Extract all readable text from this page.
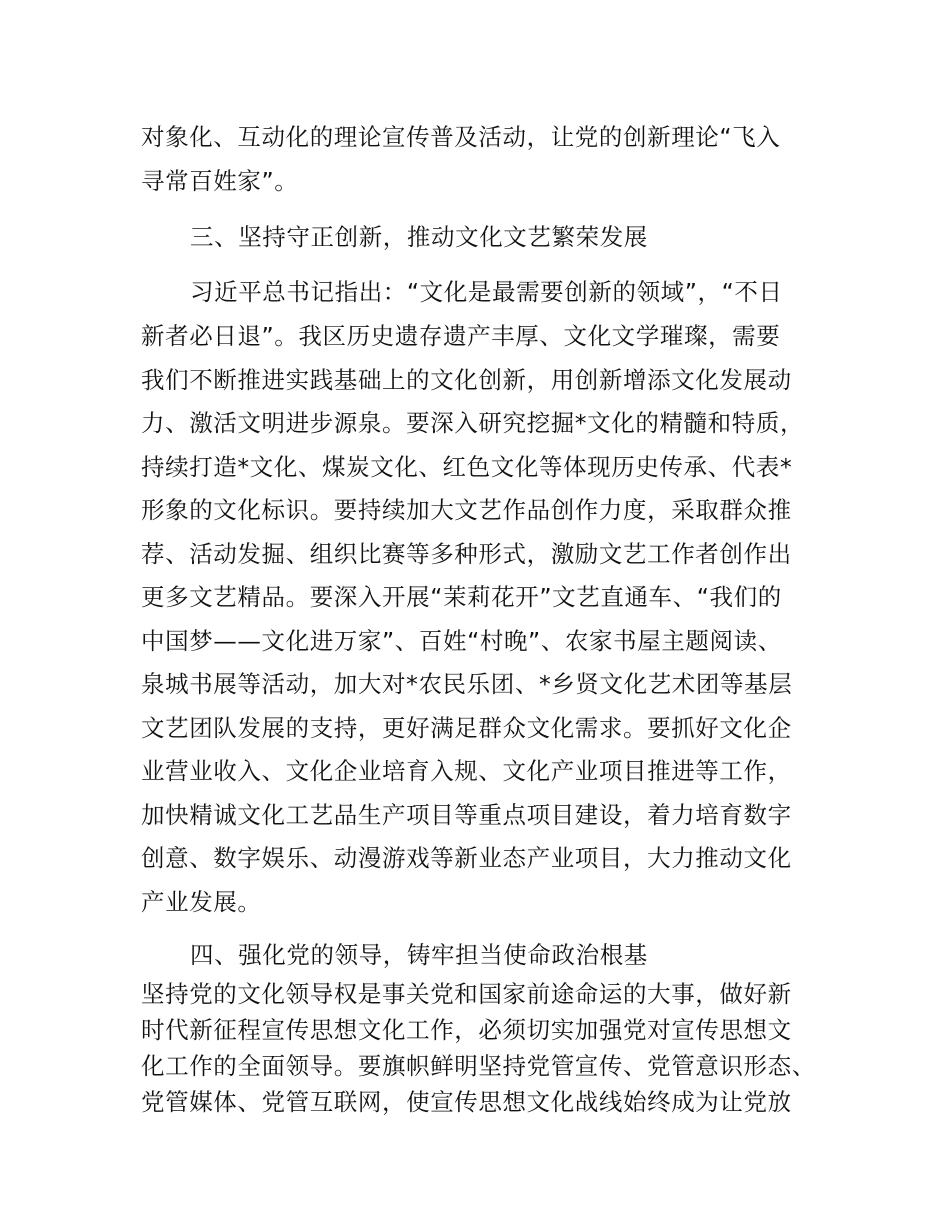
对象化、互动化的理论宣传普及活动，让党的创新理论“飞入

寻常百姓家”。

三、坚持守正创新，推动文化文艺繁荣发展

习近平总书记指出：“文化是最需要创新的领域”，“不日

新者必日退”。我区历史遗存遗产丰厚、文化文学璀璨，需要

我们不断推进实践基础上的文化创新，用创新增添文化发展动

力、激活文明进步源泉。要深入研究挖掘*文化的精髓和特质，

持续打造*文化、煤炭文化、红色文化等体现历史传承、代表*

形象的文化标识。要持续加大文艺作品创作力度，采取群众推

荐、活动发掘、组织比赛等多种形式，激励文艺工作者创作出

更多文艺精品。要深入开展“茉莉花开”文艺直通车、“我们的

中国梦——文化进万家”、百姓“村晚”、农家书屋主题阅读、

泉城书展等活动，加大对*农民乐团、*乡贤文化艺术团等基层

文艺团队发展的支持，更好满足群众文化需求。要抓好文化企

业营业收入、文化企业培育入规、文化产业项目推进等工作，

加快精诚文化工艺品生产项目等重点项目建设，着力培育数字

创意、数字娱乐、动漫游戏等新业态产业项目，大力推动文化

产业发展。

四、强化党的领导，铸牢担当使命政治根基

坚持党的文化领导权是事关党和国家前途命运的大事，做好新

时代新征程宣传思想文化工作，必须切实加强党对宣传思想文

化工作的全面领导。要旗帜鲜明坚持党管宣传、党管意识形态、

党管媒体、党管互联网，使宣传思想文化战线始终成为让党放
